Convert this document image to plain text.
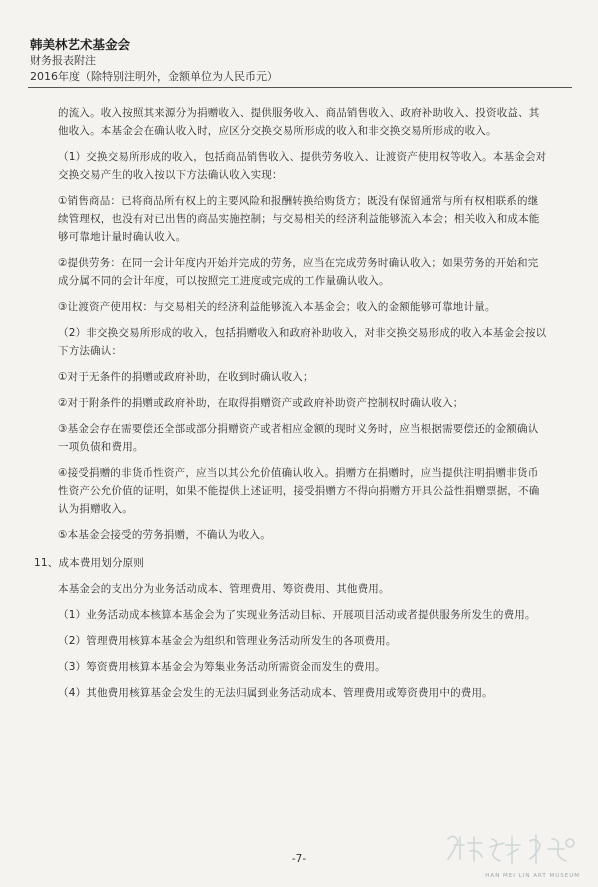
韩美林艺术基金会
财务报表附注
2016年度（除特别注明外，金额单位为人民币元）

的流入。收入按照其来源分为捐赠收入、提供服务收入、商品销售收入、政府补助收入、投资收益、其他收入。本基金会在确认收入时，应区分交换交易所形成的收入和非交换交易所形成的收入。

（1）交换交易所形成的收入，包括商品销售收入、提供劳务收入、让渡资产使用权等收入。本基金会对交换交易产生的收入按以下方法确认收入实现：

①销售商品：已将商品所有权上的主要风险和报酬转换给购货方；既没有保留通常与所有权相联系的继续管理权，也没有对已出售的商品实施控制；与交易相关的经济利益能够流入本会；相关收入和成本能够可靠地计量时确认收入。

②提供劳务：在同一会计年度内开始并完成的劳务，应当在完成劳务时确认收入；如果劳务的开始和完成分属不同的会计年度，可以按照完工进度或完成的工作量确认收入。

③让渡资产使用权：与交易相关的经济利益能够流入本基金会；收入的金额能够可靠地计量。

（2）非交换交易所形成的收入，包括捐赠收入和政府补助收入，对非交换交易形成的收入本基金会按以下方法确认：

①对于无条件的捐赠或政府补助，在收到时确认收入；

②对于附条件的捐赠或政府补助，在取得捐赠资产或政府补助资产控制权时确认收入；

③基金会存在需要偿还全部或部分捐赠资产或者相应金额的现时义务时，应当根据需要偿还的金额确认一项负债和费用。

④接受捐赠的非货币性资产，应当以其公允价值确认收入。捐赠方在捐赠时，应当提供注明捐赠非货币性资产公允价值的证明，如果不能提供上述证明，接受捐赠方不得向捐赠方开具公益性捐赠票据，不确认为捐赠收入。

⑤本基金会接受的劳务捐赠，不确认为收入。

11、成本费用划分原则

本基金会的支出分为业务活动成本、管理费用、筹资费用、其他费用。

（1）业务活动成本核算本基金会为了实现业务活动目标、开展项目活动或者提供服务所发生的费用。

（2）管理费用核算本基金会为组织和管理业务活动所发生的各项费用。

（3）筹资费用核算本基金会为筹集业务活动所需资金而发生的费用。

（4）其他费用核算基金会发生的无法归属到业务活动成本、管理费用或筹资费用中的费用。

-7-
HAN MEI LIN ART MUSEUM
